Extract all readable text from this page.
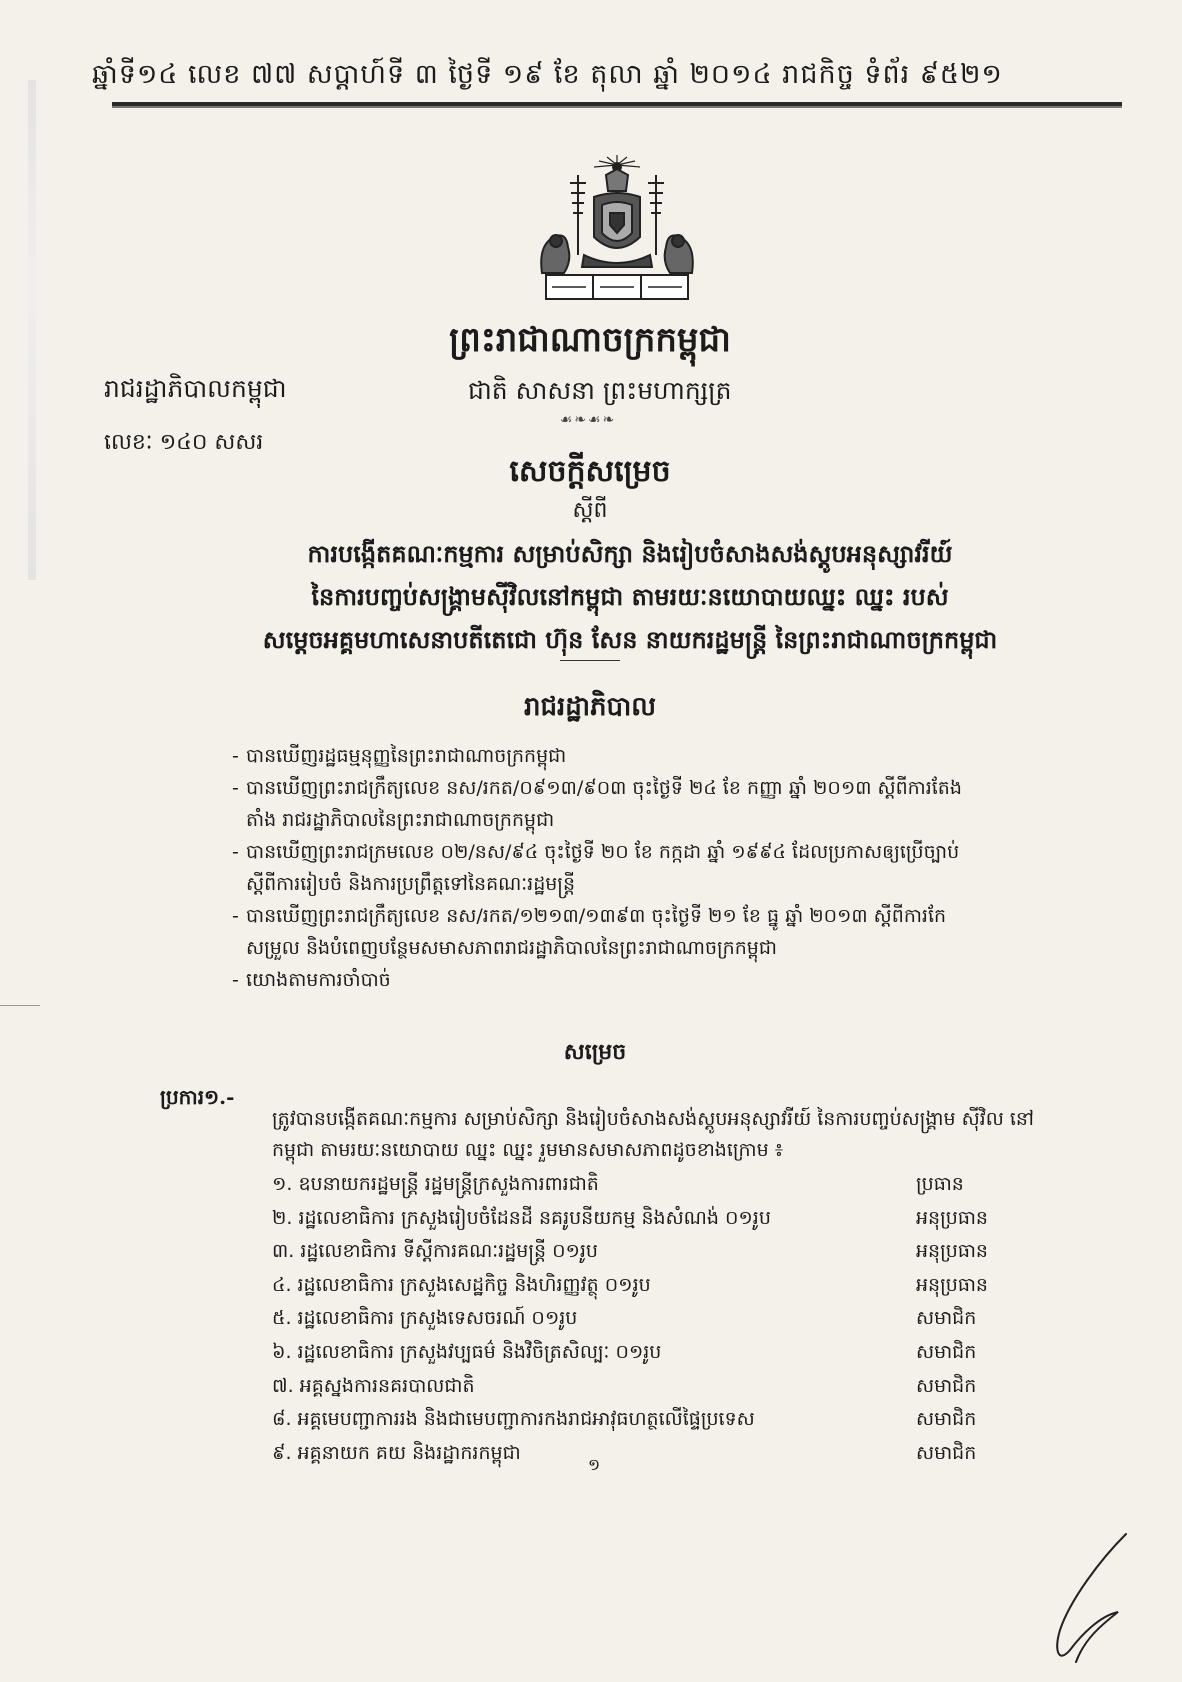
ឆ្នាំទី១៤ លេខ ៧៧ សប្តាហ៍ទី ៣ ថ្ងៃទី ១៩ ខែ តុលា ឆ្នាំ ២០១៤ រាជកិច្ច ទំព័រ ៩៥២១
ព្រះរាជាណាចក្រកម្ពុជា
រាជរដ្ឋាភិបាលកម្ពុជា	ជាតិ សាសនា ព្រះមហាក្សត្រ
☙❧☙❧
លេខៈ ១៤០ សសរ
សេចក្តីសម្រេច
ស្តីពី
ការបង្កើតគណៈកម្មការ សម្រាប់សិក្សា និងរៀបចំសាងសង់ស្តូបអនុស្សាវរីយ៍
នៃការបញ្ចប់សង្គ្រាមស៊ីវិលនៅកម្ពុជា តាមរយៈនយោបាយឈ្នះ ឈ្នះ របស់
សម្តេចអគ្គមហាសេនាបតីតេជោ ហ៊ុន សែន នាយករដ្ឋមន្ត្រី នៃព្រះរាជាណាចក្រកម្ពុជា
រាជរដ្ឋាភិបាល
- បានឃើញរដ្ឋធម្មនុញ្ញនៃព្រះរាជាណាចក្រកម្ពុជា
- បានឃើញព្រះរាជក្រឹត្យលេខ នស/រកត/០៩១៣/៩០៣ ចុះថ្ងៃទី ២៤ ខែ កញ្ញា ឆ្នាំ ២០១៣ ស្តីពីការតែង
តាំង រាជរដ្ឋាភិបាលនៃព្រះរាជាណាចក្រកម្ពុជា
- បានឃើញព្រះរាជក្រមលេខ ០២/នស/៩៤ ចុះថ្ងៃទី ២០ ខែ កក្កដា ឆ្នាំ ១៩៩៤ ដែលប្រកាសឲ្យប្រើច្បាប់
ស្តីពីការរៀបចំ និងការប្រព្រឹត្តទៅនៃគណៈរដ្ឋមន្ត្រី
- បានឃើញព្រះរាជក្រឹត្យលេខ នស/រកត/១២១៣/១៣៩៣ ចុះថ្ងៃទី ២១ ខែ ធ្នូ ឆ្នាំ ២០១៣ ស្តីពីការកែ
សម្រួល និងបំពេញបន្ថែមសមាសភាពរាជរដ្ឋាភិបាលនៃព្រះរាជាណាចក្រកម្ពុជា
- យោងតាមការចាំបាច់
សម្រេច
ប្រការ១.-
ត្រូវបានបង្កើតគណៈកម្មការ សម្រាប់សិក្សា និងរៀបចំសាងសង់ស្តូបអនុស្សាវរីយ៍ នៃការបញ្ចប់សង្គ្រាម ស៊ីវិល នៅកម្ពុជា តាមរយៈនយោបាយ ឈ្នះ ឈ្នះ រួមមានសមាសភាពដូចខាងក្រោម ៖
១. ឧបនាយករដ្ឋមន្ត្រី រដ្ឋមន្ត្រីក្រសួងការពារជាតិ	ប្រធាន
២. រដ្ឋលេខាធិការ ក្រសួងរៀបចំដែនដី នគរូបនីយកម្ម និងសំណង់ ០១រូប	អនុប្រធាន
៣. រដ្ឋលេខាធិការ ទីស្តីការគណៈរដ្ឋមន្ត្រី ០១រូប	អនុប្រធាន
៤. រដ្ឋលេខាធិការ ក្រសួងសេដ្ឋកិច្ច និងហិរញ្ញវត្ថុ ០១រូប	អនុប្រធាន
៥. រដ្ឋលេខាធិការ ក្រសួងទេសចរណ៍ ០១រូប	សមាជិក
៦. រដ្ឋលេខាធិការ ក្រសួងវប្បធម៌ និងវិចិត្រសិល្បៈ ០១រូប	សមាជិក
៧. អគ្គស្នងការនគរបាលជាតិ	សមាជិក
៨. អគ្គមេបញ្ជាការរង និងជាមេបញ្ជាការកងរាជអាវុធហត្ថលើផ្ទៃប្រទេស	សមាជិក
៩. អគ្គនាយក គយ និងរដ្ឋាករកម្ពុជា	សមាជិក
១
